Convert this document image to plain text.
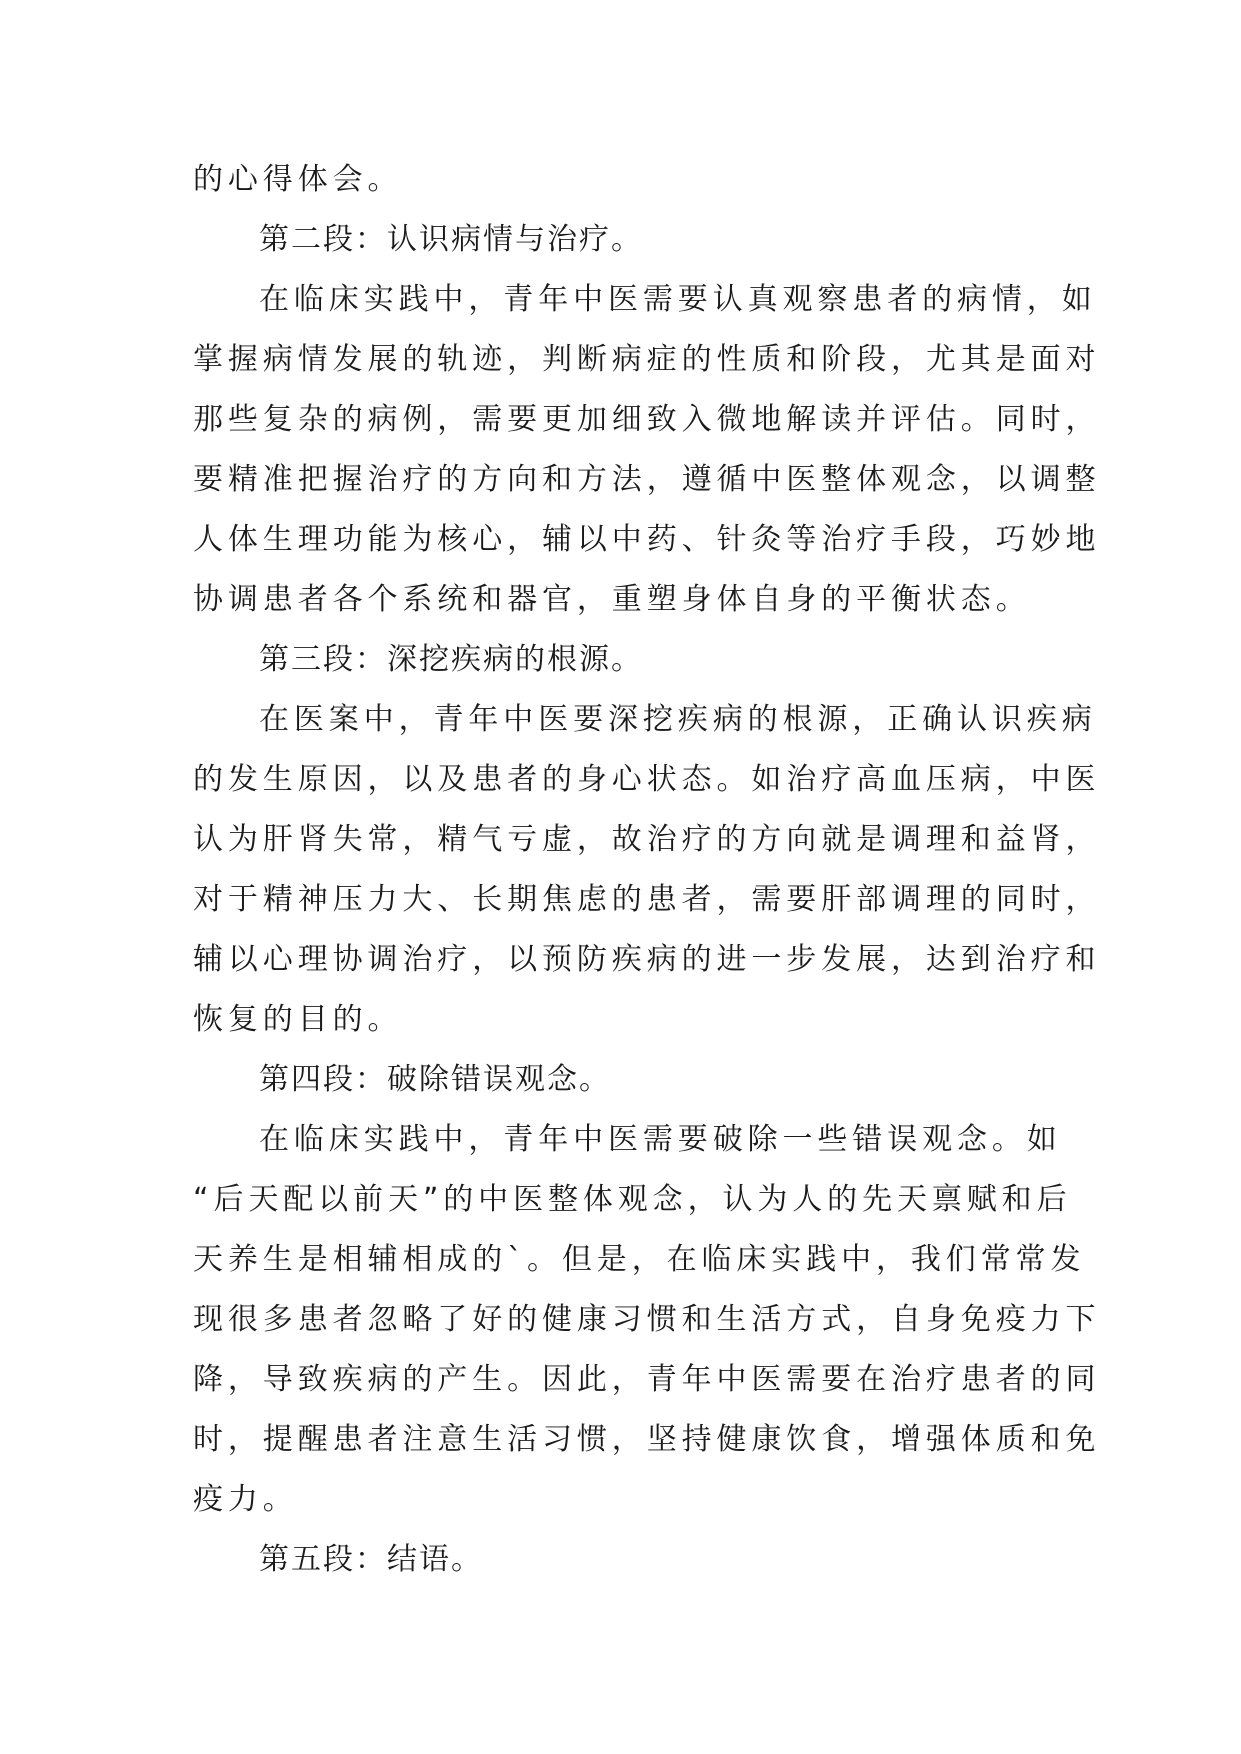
的心得体会。

第二段：认识病情与治疗。

在临床实践中，青年中医需要认真观察患者的病情，如

掌握病情发展的轨迹，判断病症的性质和阶段，尤其是面对

那些复杂的病例，需要更加细致入微地解读并评估。同时，

要精准把握治疗的方向和方法，遵循中医整体观念，以调整

人体生理功能为核心，辅以中药、针灸等治疗手段，巧妙地

协调患者各个系统和器官，重塑身体自身的平衡状态。

第三段：深挖疾病的根源。

在医案中，青年中医要深挖疾病的根源，正确认识疾病

的发生原因，以及患者的身心状态。如治疗高血压病，中医

认为肝肾失常，精气亏虚，故治疗的方向就是调理和益肾，

对于精神压力大、长期焦虑的患者，需要肝部调理的同时，

辅以心理协调治疗，以预防疾病的进一步发展，达到治疗和

恢复的目的。

第四段：破除错误观念。

在临床实践中，青年中医需要破除一些错误观念。如

“后天配以前天”的中医整体观念，认为人的先天禀赋和后

天养生是相辅相成的`。但是，在临床实践中，我们常常发

现很多患者忽略了好的健康习惯和生活方式，自身免疫力下

降，导致疾病的产生。因此，青年中医需要在治疗患者的同

时，提醒患者注意生活习惯，坚持健康饮食，增强体质和免

疫力。

第五段：结语。
